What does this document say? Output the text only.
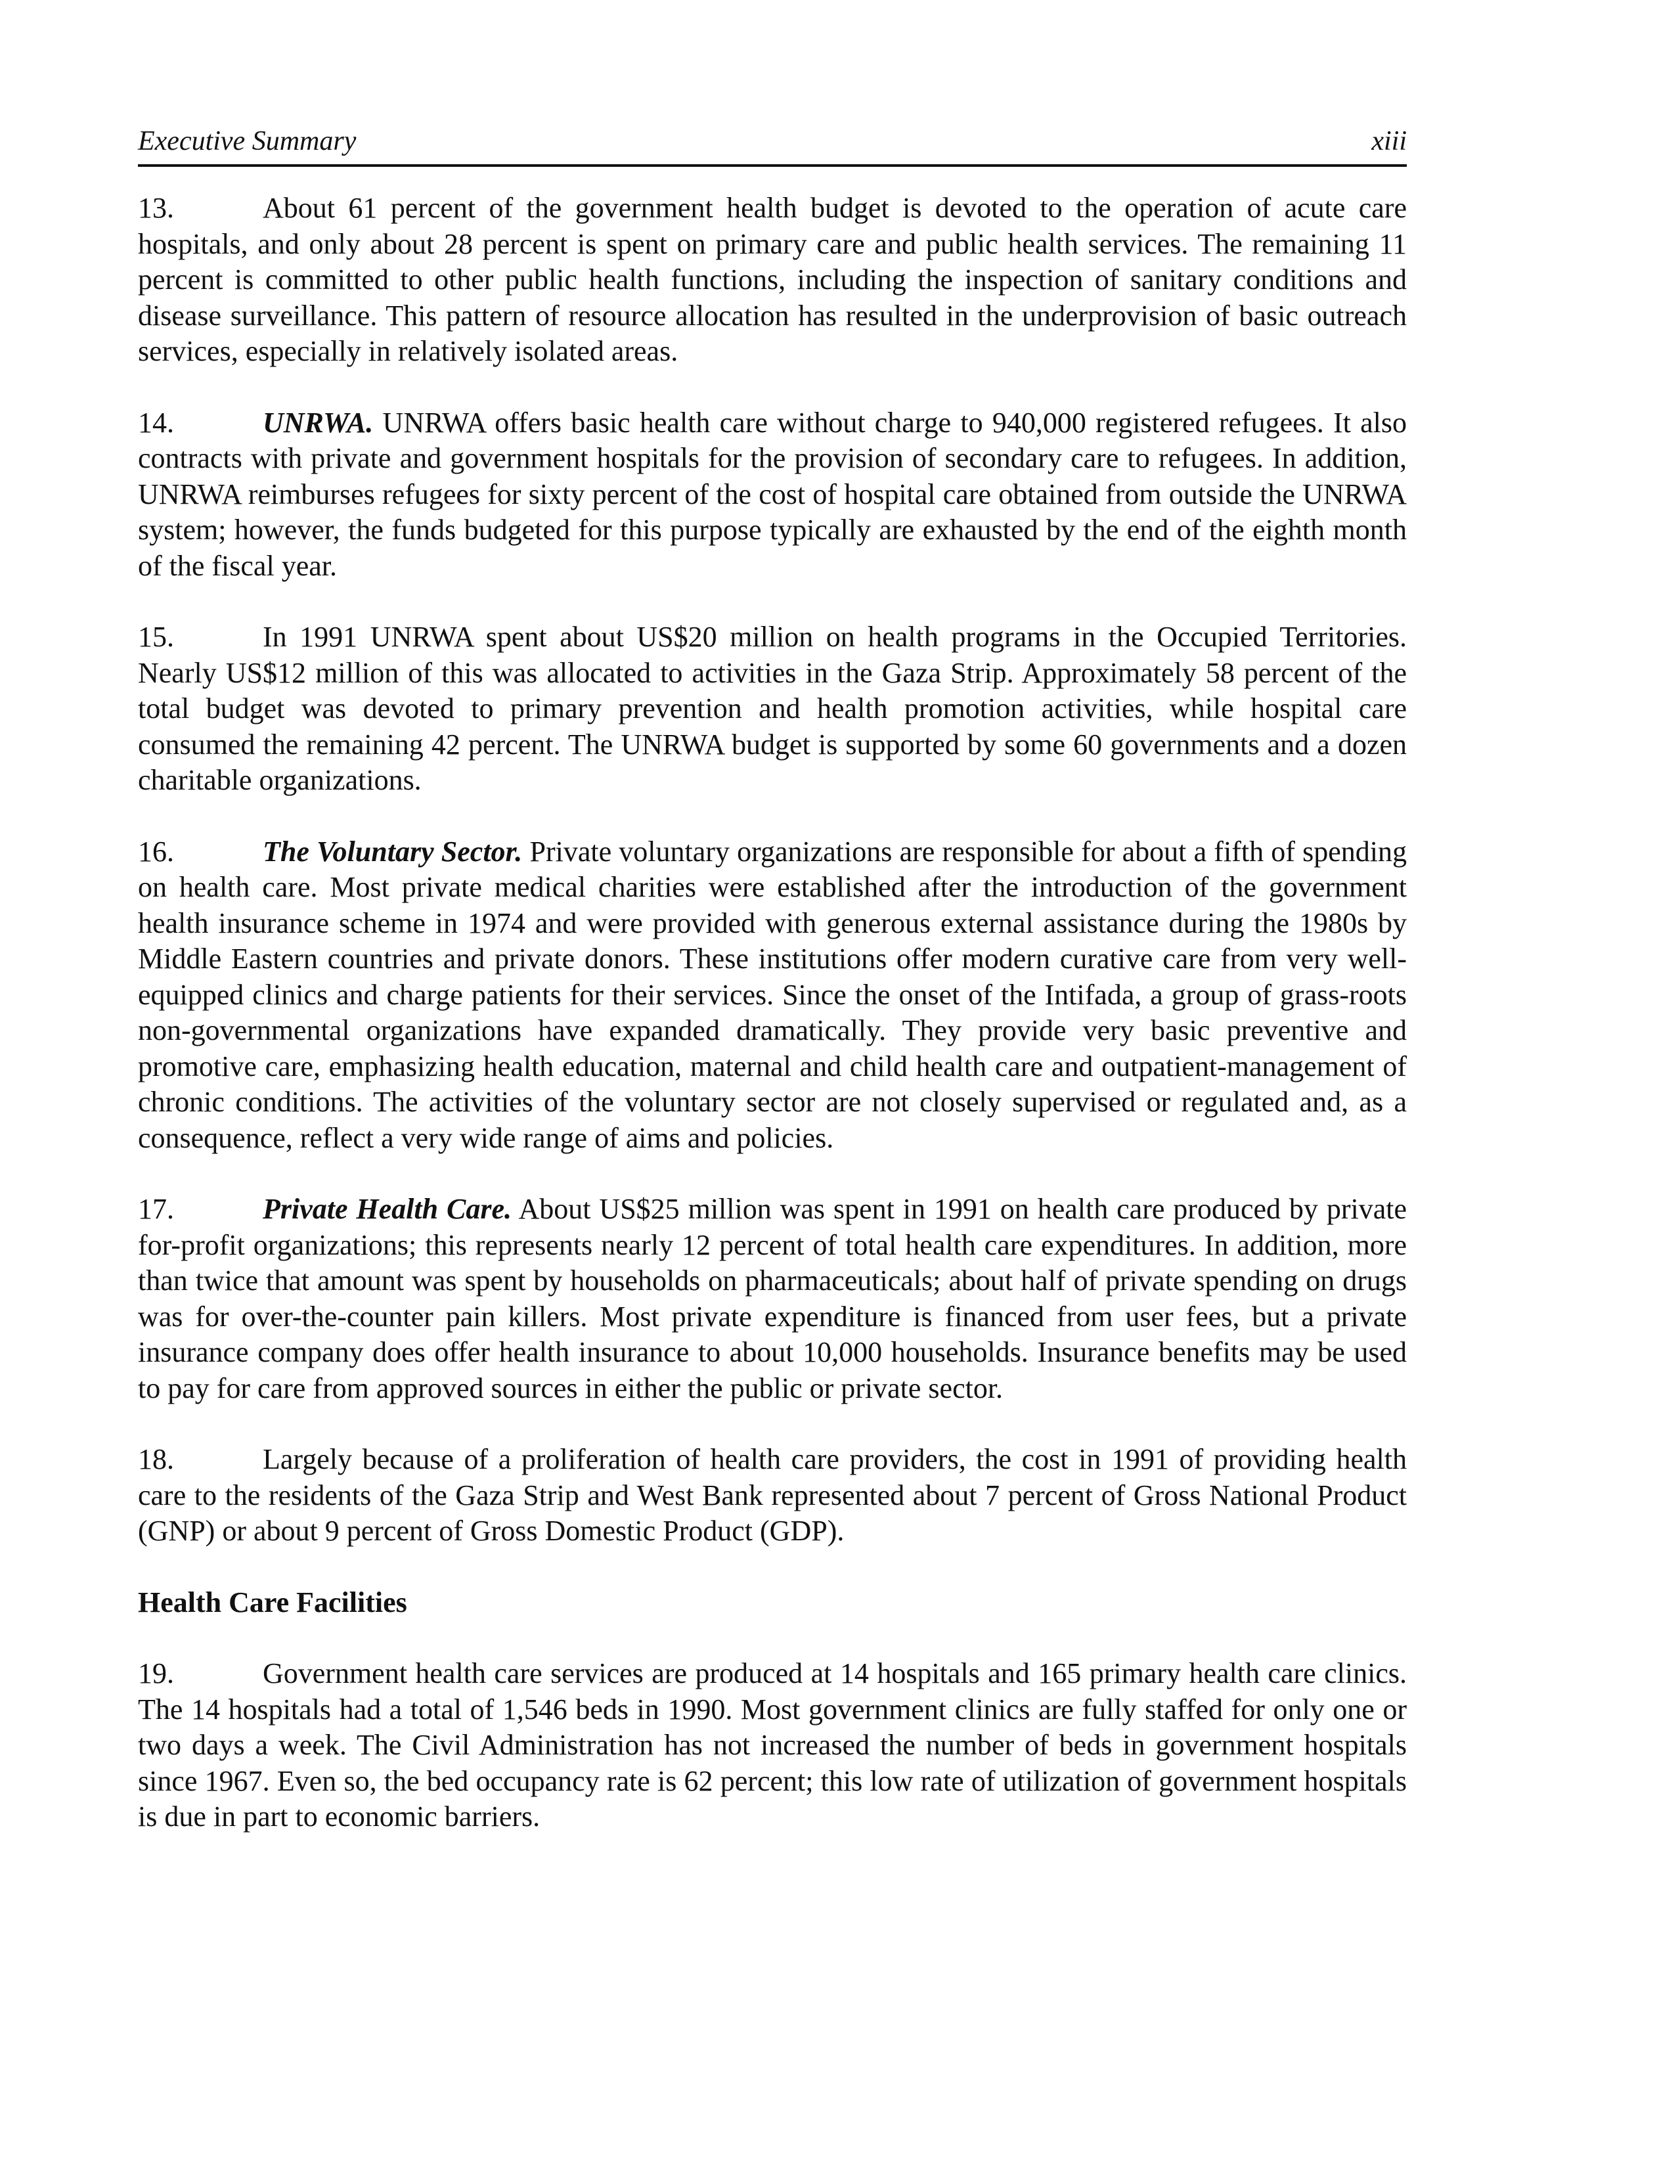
Executive Summary	xiii

13.	About 61 percent of the government health budget is devoted to the operation of acute care hospitals, and only about 28 percent is spent on primary care and public health services. The remaining 11 percent is committed to other public health functions, including the inspection of sanitary conditions and disease surveillance. This pattern of resource allocation has resulted in the underprovision of basic outreach services, especially in relatively isolated areas.

14.	UNRWA. UNRWA offers basic health care without charge to 940,000 registered refugees. It also contracts with private and government hospitals for the provision of secondary care to refugees. In addition, UNRWA reimburses refugees for sixty percent of the cost of hospital care obtained from outside the UNRWA system; however, the funds budgeted for this purpose typically are exhausted by the end of the eighth month of the fiscal year.

15.	In 1991 UNRWA spent about US$20 million on health programs in the Occupied Territories. Nearly US$12 million of this was allocated to activities in the Gaza Strip. Approximately 58 percent of the total budget was devoted to primary prevention and health promotion activities, while hospital care consumed the remaining 42 percent. The UNRWA budget is supported by some 60 governments and a dozen charitable organizations.

16.	The Voluntary Sector. Private voluntary organizations are responsible for about a fifth of spending on health care. Most private medical charities were established after the introduction of the government health insurance scheme in 1974 and were provided with generous external assistance during the 1980s by Middle Eastern countries and private donors. These institutions offer modern curative care from very well-equipped clinics and charge patients for their services. Since the onset of the Intifada, a group of grass-roots non-governmental organizations have expanded dramatically. They provide very basic preventive and promotive care, emphasizing health education, maternal and child health care and outpatient-management of chronic conditions. The activities of the voluntary sector are not closely supervised or regulated and, as a consequence, reflect a very wide range of aims and policies.

17.	Private Health Care. About US$25 million was spent in 1991 on health care produced by private for-profit organizations; this represents nearly 12 percent of total health care expenditures. In addition, more than twice that amount was spent by households on pharmaceuticals; about half of private spending on drugs was for over-the-counter pain killers. Most private expenditure is financed from user fees, but a private insurance company does offer health insurance to about 10,000 households. Insurance benefits may be used to pay for care from approved sources in either the public or private sector.

18.	Largely because of a proliferation of health care providers, the cost in 1991 of providing health care to the residents of the Gaza Strip and West Bank represented about 7 percent of Gross National Product (GNP) or about 9 percent of Gross Domestic Product (GDP).

Health Care Facilities

19.	Government health care services are produced at 14 hospitals and 165 primary health care clinics. The 14 hospitals had a total of 1,546 beds in 1990. Most government clinics are fully staffed for only one or two days a week. The Civil Administration has not increased the number of beds in government hospitals since 1967. Even so, the bed occupancy rate is 62 percent; this low rate of utilization of government hospitals is due in part to economic barriers.
